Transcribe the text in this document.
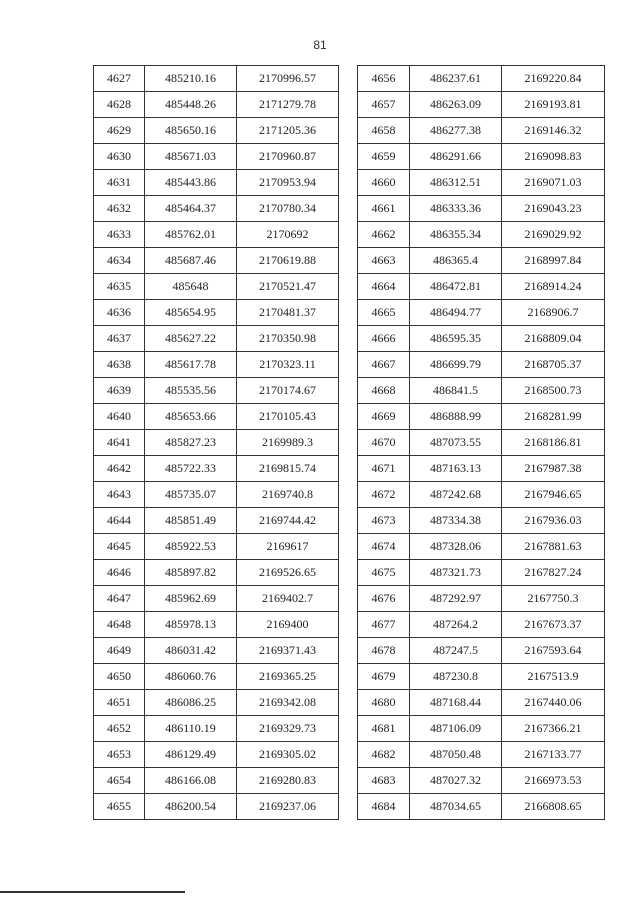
81
4627	485210.16	2170996.57
4628	485448.26	2171279.78
4629	485650.16	2171205.36
4630	485671.03	2170960.87
4631	485443.86	2170953.94
4632	485464.37	2170780.34
4633	485762.01	2170692
4634	485687.46	2170619.88
4635	485648	2170521.47
4636	485654.95	2170481.37
4637	485627.22	2170350.98
4638	485617.78	2170323.11
4639	485535.56	2170174.67
4640	485653.66	2170105.43
4641	485827.23	2169989.3
4642	485722.33	2169815.74
4643	485735.07	2169740.8
4644	485851.49	2169744.42
4645	485922.53	2169617
4646	485897.82	2169526.65
4647	485962.69	2169402.7
4648	485978.13	2169400
4649	486031.42	2169371.43
4650	486060.76	2169365.25
4651	486086.25	2169342.08
4652	486110.19	2169329.73
4653	486129.49	2169305.02
4654	486166.08	2169280.83
4655	486200.54	2169237.06
4656	486237.61	2169220.84
4657	486263.09	2169193.81
4658	486277.38	2169146.32
4659	486291.66	2169098.83
4660	486312.51	2169071.03
4661	486333.36	2169043.23
4662	486355.34	2169029.92
4663	486365.4	2168997.84
4664	486472.81	2168914.24
4665	486494.77	2168906.7
4666	486595.35	2168809.04
4667	486699.79	2168705.37
4668	486841.5	2168500.73
4669	486888.99	2168281.99
4670	487073.55	2168186.81
4671	487163.13	2167987.38
4672	487242.68	2167946.65
4673	487334.38	2167936.03
4674	487328.06	2167881.63
4675	487321.73	2167827.24
4676	487292.97	2167750.3
4677	487264.2	2167673.37
4678	487247.5	2167593.64
4679	487230.8	2167513.9
4680	487168.44	2167440.06
4681	487106.09	2167366.21
4682	487050.48	2167133.77
4683	487027.32	2166973.53
4684	487034.65	2166808.65
